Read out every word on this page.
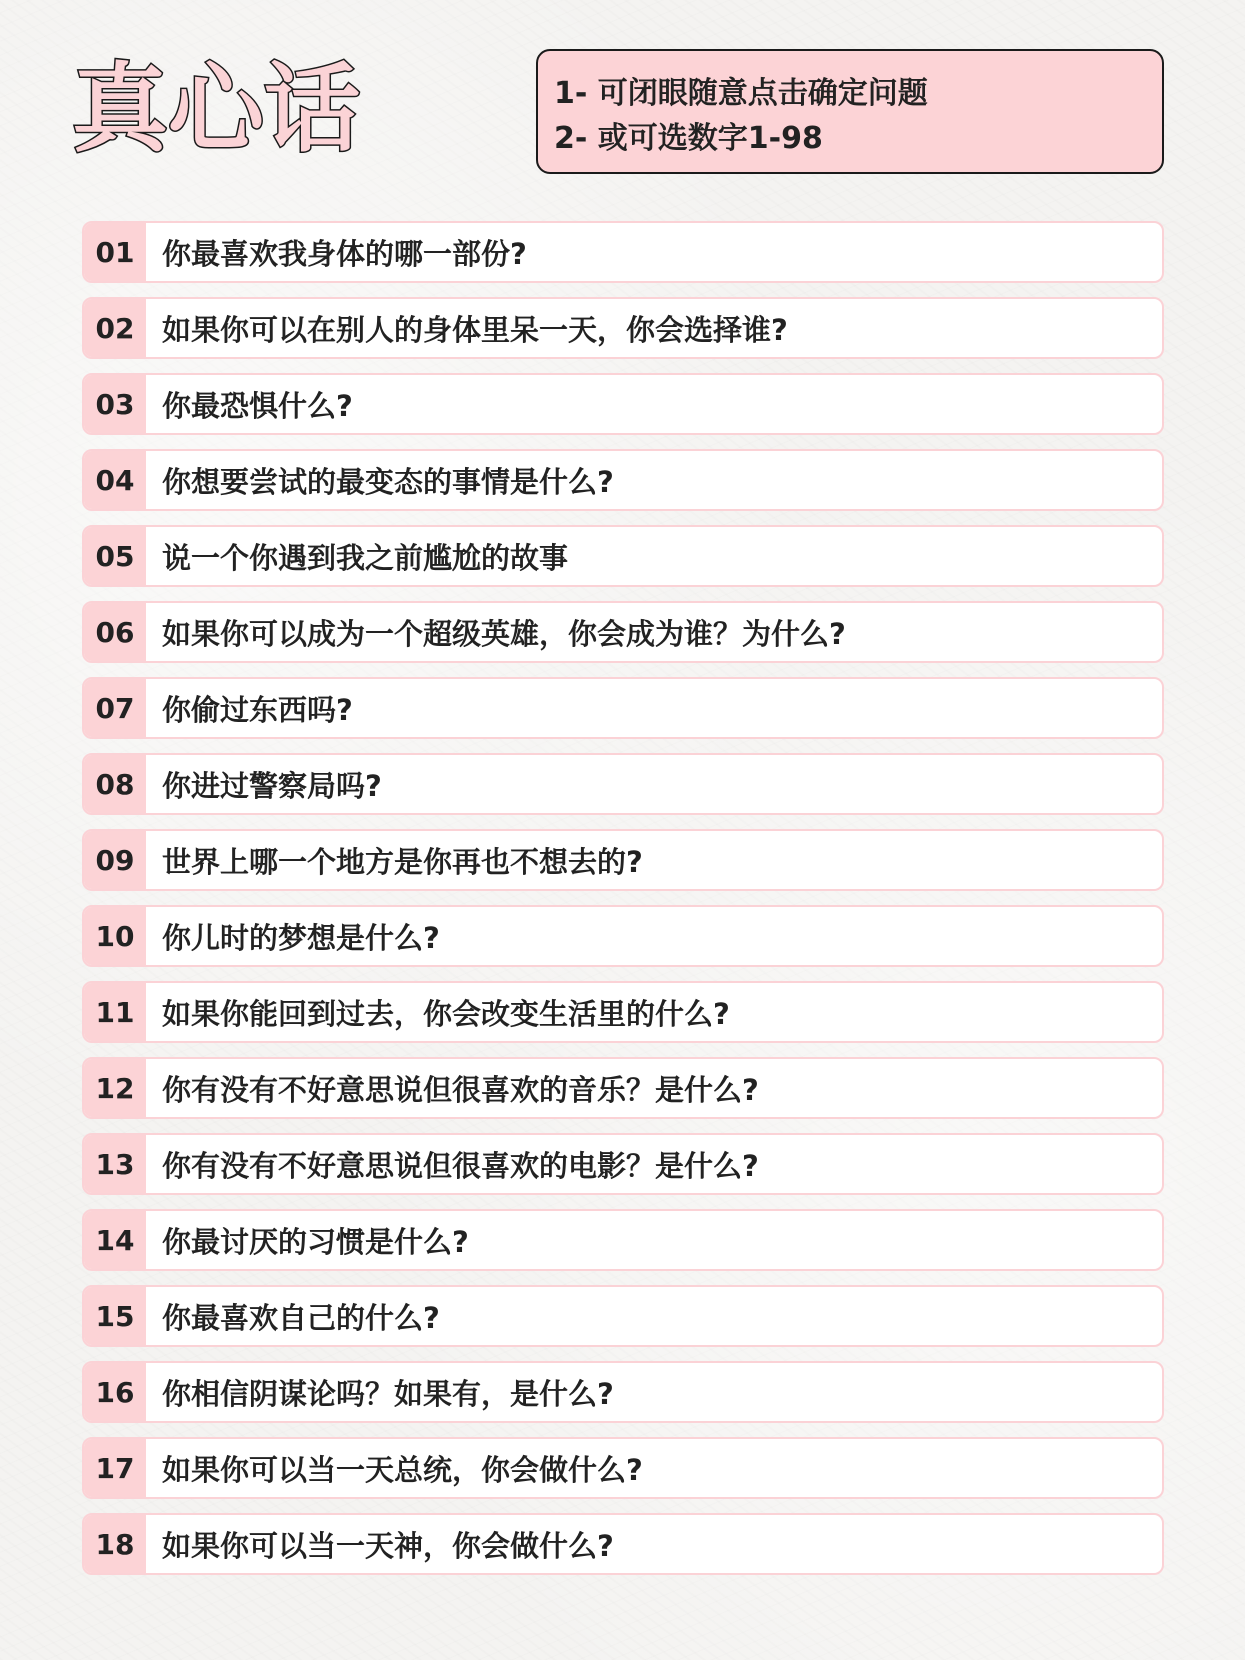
真心话	1- 可闭眼随意点击确定问题
2- 或可选数字1-98
01 你最喜欢我身体的哪一部份?
02 如果你可以在别人的身体里呆一天，你会选择谁?
03 你最恐惧什么?
04 你想要尝试的最变态的事情是什么?
05 说一个你遇到我之前尴尬的故事
06 如果你可以成为一个超级英雄，你会成为谁？为什么?
07 你偷过东西吗?
08 你进过警察局吗?
09 世界上哪一个地方是你再也不想去的?
10 你儿时的梦想是什么?
11 如果你能回到过去，你会改变生活里的什么?
12 你有没有不好意思说但很喜欢的音乐？是什么?
13 你有没有不好意思说但很喜欢的电影？是什么?
14 你最讨厌的习惯是什么?
15 你最喜欢自己的什么?
16 你相信阴谋论吗？如果有，是什么?
17 如果你可以当一天总统，你会做什么?
18 如果你可以当一天神，你会做什么?
